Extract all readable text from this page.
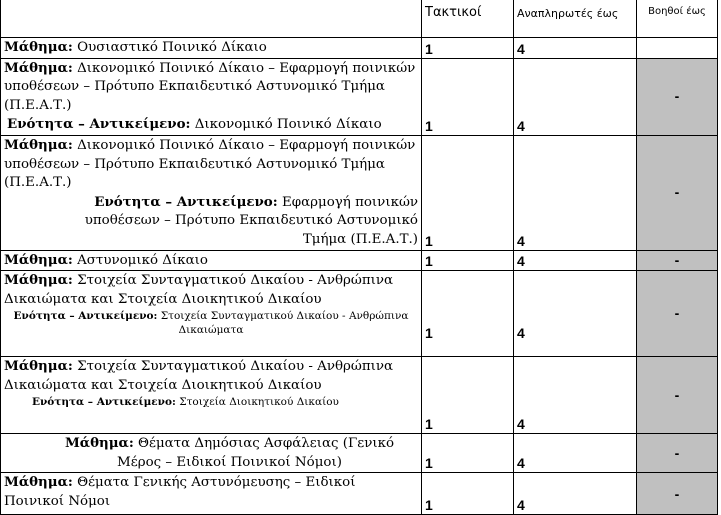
	Τακτικοί	Αναπληρωτές έως	Βοηθοί έως
Μάθημα: Ουσιαστικό Ποινικό Δίκαιο	1	4	
Μάθημα: Δικονομικό Ποινικό Δίκαιο – Εφαρμογή ποινικών υποθέσεων – Πρότυπο Εκπαιδευτικό Αστυνομικό Τμήμα (Π.Ε.Α.Τ.)
Ενότητα – Αντικείμενο: Δικονομικό Ποινικό Δίκαιο	1	4	-
Μάθημα: Δικονομικό Ποινικό Δίκαιο – Εφαρμογή ποινικών υποθέσεων – Πρότυπο Εκπαιδευτικό Αστυνομικό Τμήμα (Π.Ε.Α.Τ.)
Ενότητα – Αντικείμενο: Εφαρμογή ποινικών υποθέσεων – Πρότυπο Εκπαιδευτικό Αστυνομικό Τμήμα (Π.Ε.Α.Τ.)	1	4	-
Μάθημα: Αστυνομικό Δίκαιο	1	4	-
Μάθημα: Στοιχεία Συνταγματικού Δικαίου - Ανθρώπινα Δικαιώματα και Στοιχεία Διοικητικού Δικαίου
Ενότητα – Αντικείμενο: Στοιχεία Συνταγματικού Δικαίου - Ανθρώπινα Δικαιώματα	1	4	-
Μάθημα: Στοιχεία Συνταγματικού Δικαίου - Ανθρώπινα Δικαιώματα και Στοιχεία Διοικητικού Δικαίου
Ενότητα – Αντικείμενο: Στοιχεία Διοικητικού Δικαίου	1	4	-
Μάθημα: Θέματα Δημόσιας Ασφάλειας (Γενικό Μέρος – Ειδικοί Ποινικοί Νόμοι)	1	4	-
Μάθημα: Θέματα Γενικής Αστυνόμευσης – Ειδικοί Ποινικοί Νόμοι	1	4	-
